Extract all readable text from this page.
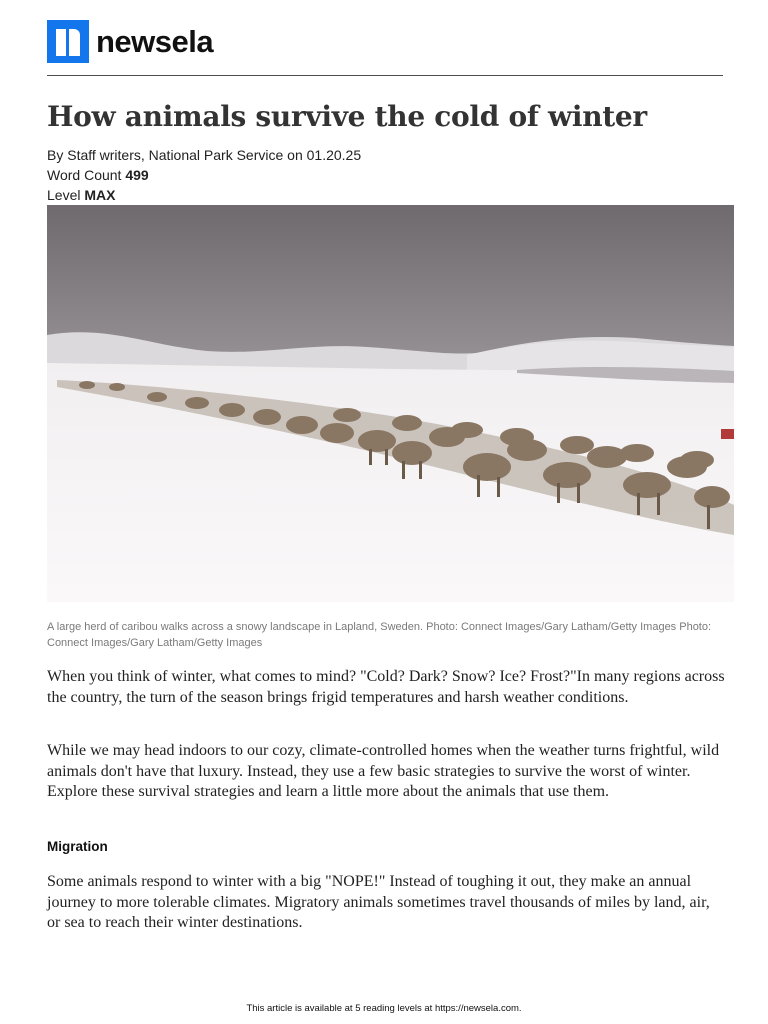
newsela
How animals survive the cold of winter
By Staff writers, National Park Service on 01.20.25
Word Count 499
Level MAX
A large herd of caribou walks across a snowy landscape in Lapland, Sweden. Photo: Connect Images/Gary Latham/Getty Images Photo: Connect Images/Gary Latham/Getty Images

When you think of winter, what comes to mind? "Cold? Dark? Snow? Ice? Frost?"In many regions across the country, the turn of the season brings frigid temperatures and harsh weather conditions.

While we may head indoors to our cozy, climate-controlled homes when the weather turns frightful, wild animals don't have that luxury. Instead, they use a few basic strategies to survive the worst of winter. Explore these survival strategies and learn a little more about the animals that use them.

Migration

Some animals respond to winter with a big "NOPE!" Instead of toughing it out, they make an annual journey to more tolerable climates. Migratory animals sometimes travel thousands of miles by land, air, or sea to reach their winter destinations.

This article is available at 5 reading levels at https://newsela.com.
